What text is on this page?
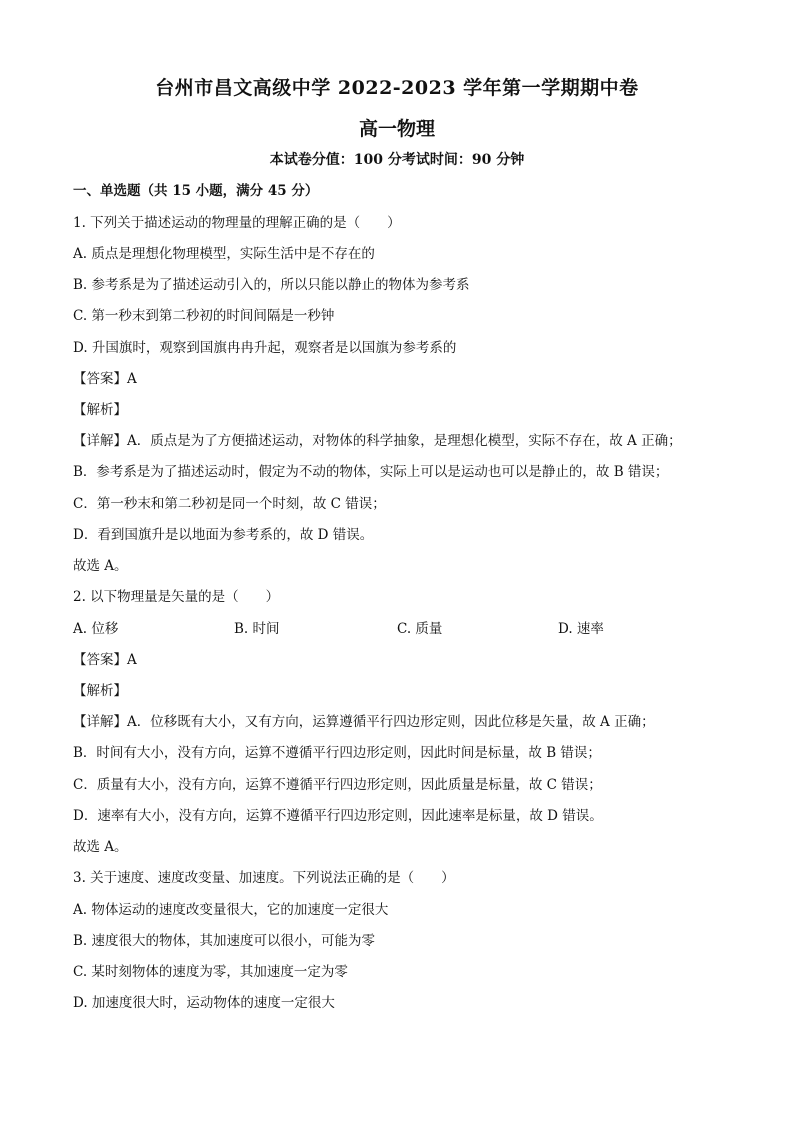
台州市昌文高级中学 2022-2023 学年第一学期期中卷
高一物理
本试卷分值：100 分考试时间：90 分钟
一、单选题（共 15 小题，满分 45 分）
1. 下列关于描述运动的物理量的理解正确的是（　　）
A. 质点是理想化物理模型，实际生活中是不存在的
B. 参考系是为了描述运动引入的，所以只能以静止的物体为参考系
C. 第一秒末到第二秒初的时间间隔是一秒钟
D. 升国旗时，观察到国旗冉冉升起，观察者是以国旗为参考系的
【答案】A
【解析】
【详解】A．质点是为了方便描述运动，对物体的科学抽象，是理想化模型，实际不存在，故 A 正确；
B．参考系是为了描述运动时，假定为不动的物体，实际上可以是运动也可以是静止的，故 B 错误；
C．第一秒末和第二秒初是同一个时刻，故 C 错误；
D．看到国旗升是以地面为参考系的，故 D 错误。
故选 A。
2. 以下物理量是矢量的是（　　）
A. 位移	B. 时间	C. 质量	D. 速率
【答案】A
【解析】
【详解】A．位移既有大小，又有方向，运算遵循平行四边形定则，因此位移是矢量，故 A 正确；
B．时间有大小，没有方向，运算不遵循平行四边形定则，因此时间是标量，故 B 错误；
C．质量有大小，没有方向，运算不遵循平行四边形定则，因此质量是标量，故 C 错误；
D．速率有大小，没有方向，运算不遵循平行四边形定则，因此速率是标量，故 D 错误。
故选 A。
3. 关于速度、速度改变量、加速度。下列说法正确的是（　　）
A. 物体运动的速度改变量很大，它的加速度一定很大
B. 速度很大的物体，其加速度可以很小，可能为零
C. 某时刻物体的速度为零，其加速度一定为零
D. 加速度很大时，运动物体的速度一定很大
